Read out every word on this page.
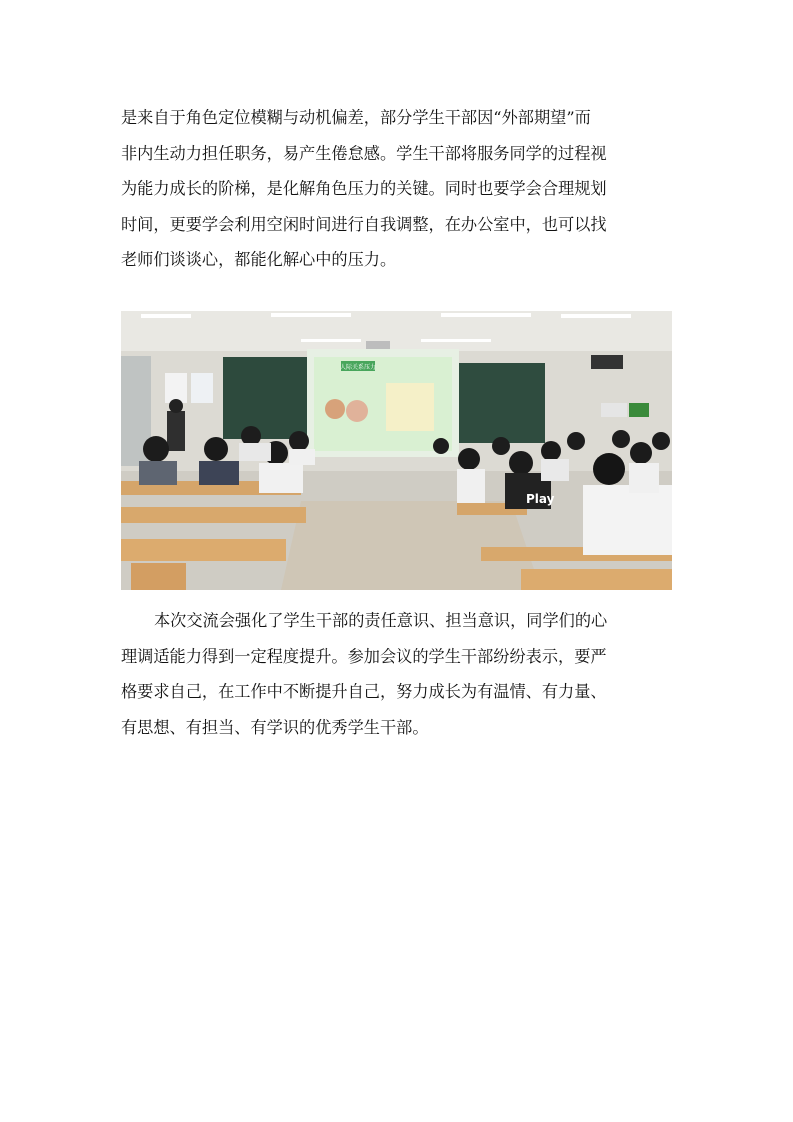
是来自于角色定位模糊与动机偏差，部分学生干部因“外部期望”而
非内生动力担任职务，易产生倦怠感。学生干部将服务同学的过程视
为能力成长的阶梯，是化解角色压力的关键。同时也要学会合理规划
时间，更要学会利用空闲时间进行自我调整，在办公室中，也可以找
老师们谈谈心，都能化解心中的压力。
人际关系压力
Play
本次交流会强化了学生干部的责任意识、担当意识，同学们的心
理调适能力得到一定程度提升。参加会议的学生干部纷纷表示，要严
格要求自己，在工作中不断提升自己，努力成长为有温情、有力量、
有思想、有担当、有学识的优秀学生干部。
